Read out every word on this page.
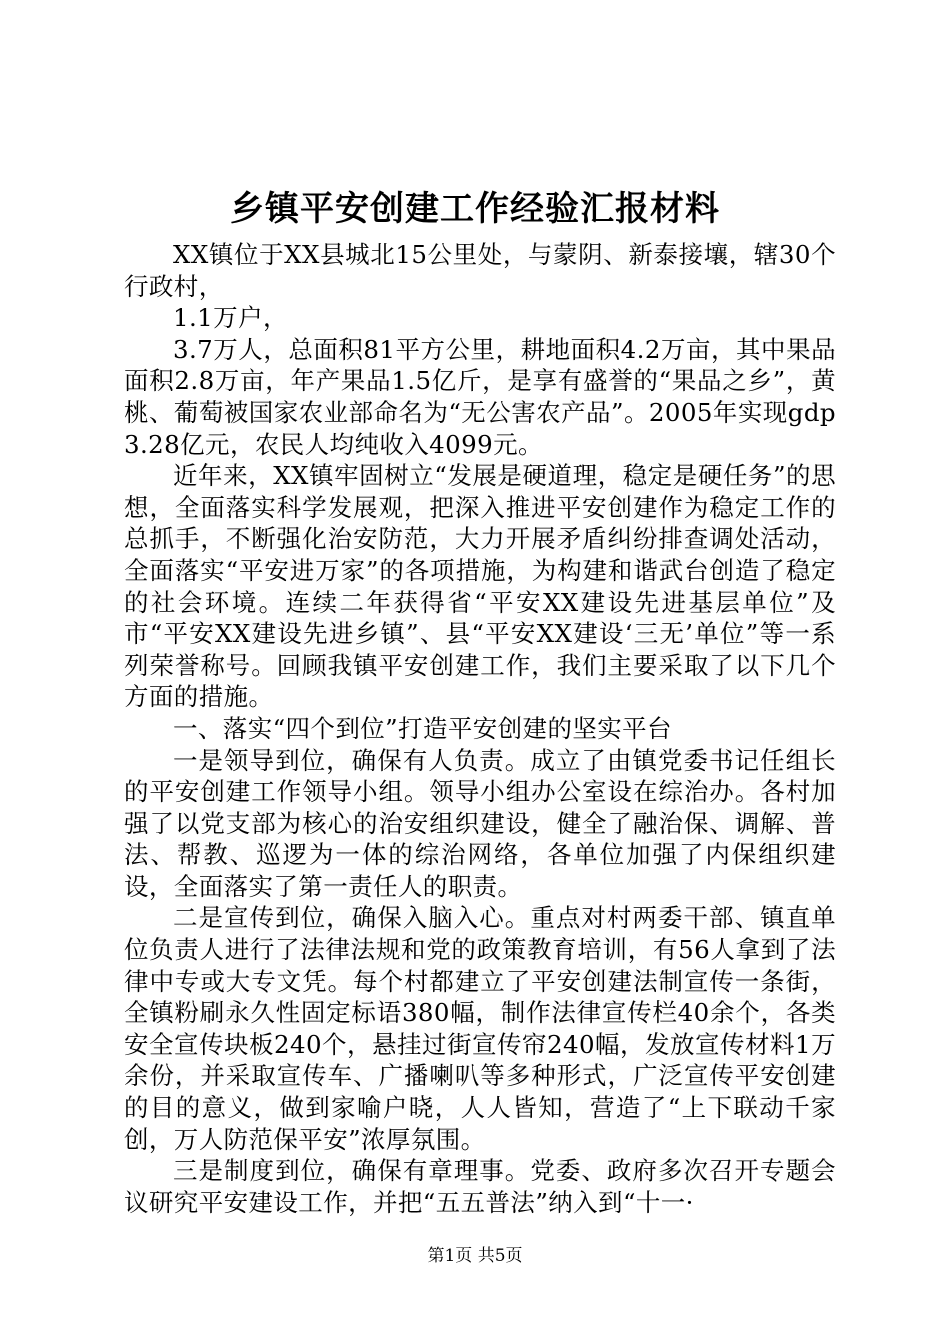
乡镇平安创建工作经验汇报材料

XX镇位于XX县城北15公里处，与蒙阴、新泰接壤，辖30个行政村，

1.1万户，

3.7万人，总面积81平方公里，耕地面积4.2万亩，其中果品面积2.8万亩，年产果品1.5亿斤，是享有盛誉的“果品之乡”，黄桃、葡萄被国家农业部命名为“无公害农产品”。2005年实现gdp3.28亿元，农民人均纯收入4099元。

近年来，XX镇牢固树立“发展是硬道理，稳定是硬任务”的思想，全面落实科学发展观，把深入推进平安创建作为稳定工作的总抓手，不断强化治安防范，大力开展矛盾纠纷排查调处活动，全面落实“平安进万家”的各项措施，为构建和谐武台创造了稳定的社会环境。连续二年获得省“平安XX建设先进基层单位”及市“平安XX建设先进乡镇”、县“平安XX建设‘三无’单位”等一系列荣誉称号。回顾我镇平安创建工作，我们主要采取了以下几个方面的措施。

一、落实“四个到位”打造平安创建的坚实平台

一是领导到位，确保有人负责。成立了由镇党委书记任组长的平安创建工作领导小组。领导小组办公室设在综治办。各村加强了以党支部为核心的治安组织建设，健全了融治保、调解、普法、帮教、巡逻为一体的综治网络，各单位加强了内保组织建设，全面落实了第一责任人的职责。

二是宣传到位，确保入脑入心。重点对村两委干部、镇直单位负责人进行了法律法规和党的政策教育培训，有56人拿到了法律中专或大专文凭。每个村都建立了平安创建法制宣传一条街，全镇粉刷永久性固定标语380幅，制作法律宣传栏40余个，各类安全宣传块板240个，悬挂过街宣传帘240幅，发放宣传材料1万余份，并采取宣传车、广播喇叭等多种形式，广泛宣传平安创建的目的意义，做到家喻户晓，人人皆知，营造了“上下联动千家创，万人防范保平安”浓厚氛围。

三是制度到位，确保有章理事。党委、政府多次召开专题会议研究平安建设工作，并把“五五普法”纳入到“十一·

第1页 共5页
